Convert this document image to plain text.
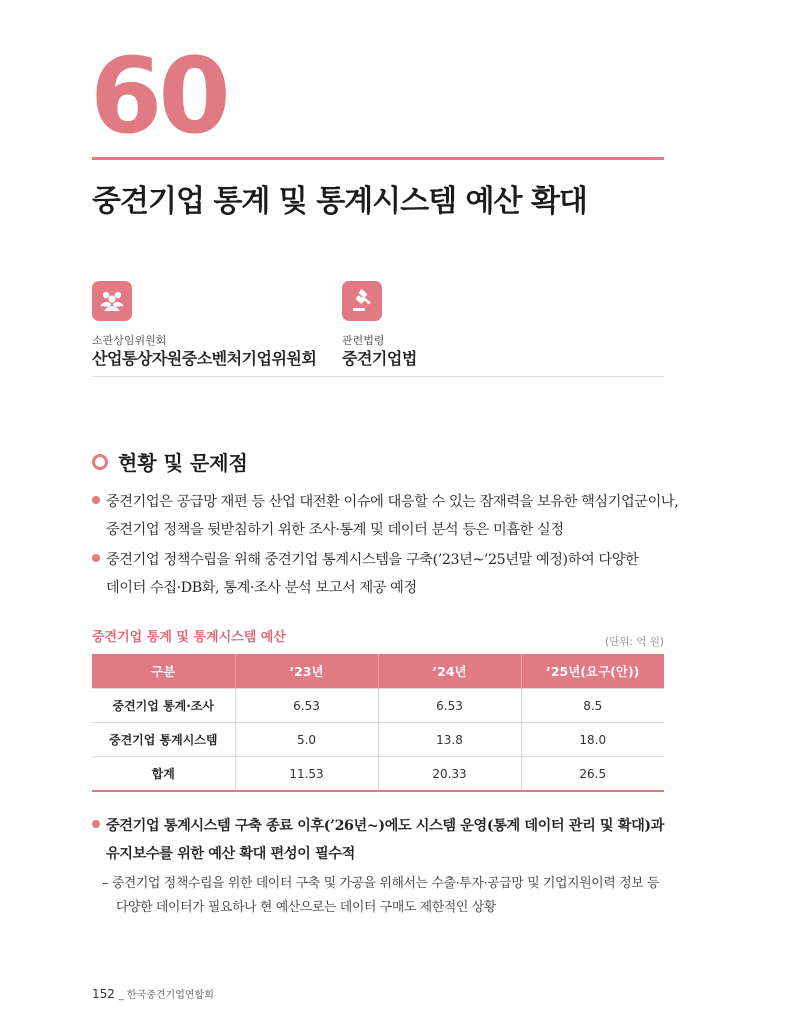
60
중견기업 통계 및 통계시스템 예산 확대
소관상임위원회
산업통상자원중소벤처기업위원회
관련법령
중견기업법
현황 및 문제점
중견기업은 공급망 재편 등 산업 대전환 이슈에 대응할 수 있는 잠재력을 보유한 핵심기업군이나,
중견기업 정책을 뒷받침하기 위한 조사·통계 및 데이터 분석 등은 미흡한 실정
중견기업 정책수립을 위해 중견기업 통계시스템을 구축(’23년~’25년말 예정)하여 다양한
데이터 수집·DB화, 통계·조사 분석 보고서 제공 예정
중견기업 통계 및 통계시스템 예산	(단위: 억 원)
구분	’23년	’24년	’25년(요구(안))
중견기업 통계·조사	6.53	6.53	8.5
중견기업 통계시스템	5.0	13.8	18.0
합계	11.53	20.33	26.5
중견기업 통계시스템 구축 종료 이후(’26년~)에도 시스템 운영(통계 데이터 관리 및 확대)과
유지보수를 위한 예산 확대 편성이 필수적
– 중견기업 정책수립을 위한 데이터 구축 및 가공을 위해서는 수출·투자·공급망 및 기업지원이력 정보 등
다양한 데이터가 필요하나 현 예산으로는 데이터 구매도 제한적인 상황
152 _ 한국중견기업연합회
